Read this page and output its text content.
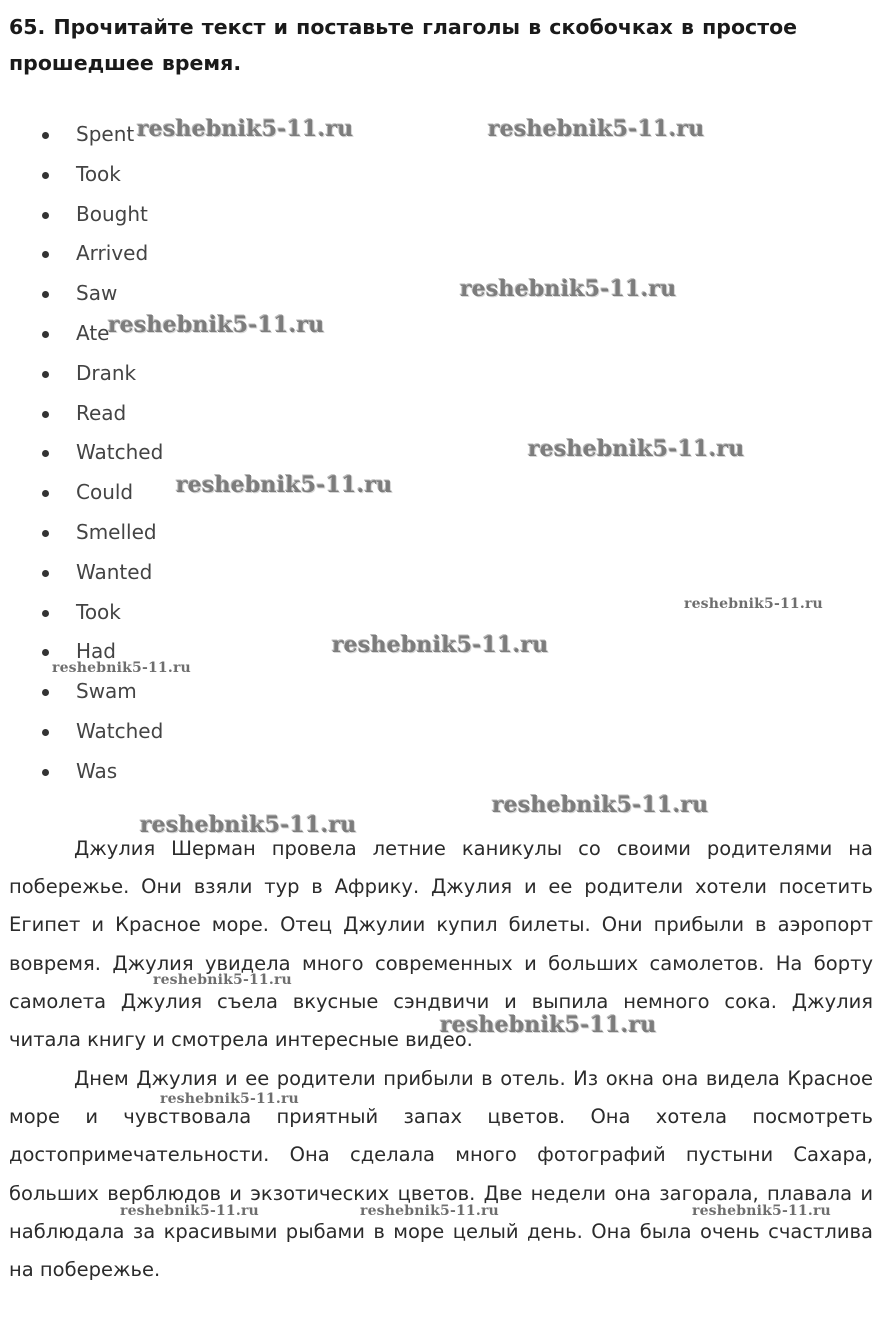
65. Прочитайте текст и поставьте глаголы в скобочках в простое прошедшее время.
Spent
Took
Bought
Arrived
Saw
Ate
Drank
Read
Watched
Could
Smelled
Wanted
Took
Had
Swam
Watched
Was

Джулия Шерман провела летние каникулы со своими родителями на побережье. Они взяли тур в Африку. Джулия и ее родители хотели посетить Египет и Красное море. Отец Джулии купил билеты. Они прибыли в аэропорт вовремя. Джулия увидела много современных и больших самолетов. На борту самолета Джулия съела вкусные сэндвичи и выпила немного сока. Джулия читала книгу и смотрела интересные видео.

Днем Джулия и ее родители прибыли в отель. Из окна она видела Красное море и чувствовала приятный запах цветов. Она хотела посмотреть достопримечательности. Она сделала много фотографий пустыни Сахара, больших верблюдов и экзотических цветов. Две недели она загорала, плавала и наблюдала за красивыми рыбами в море целый день. Она была очень счастлива на побережье.

reshebnik5-11.ru	reshebnik5-11.ru
reshebnik5-11.ru
reshebnik5-11.ru
reshebnik5-11.ru
reshebnik5-11.ru
reshebnik5-11.ru
reshebnik5-11.ru
reshebnik5-11.ru
reshebnik5-11.ru
reshebnik5-11.ru
reshebnik5-11.ru
reshebnik5-11.ru
reshebnik5-11.ru
reshebnik5-11.ru	reshebnik5-11.ru	reshebnik5-11.ru
